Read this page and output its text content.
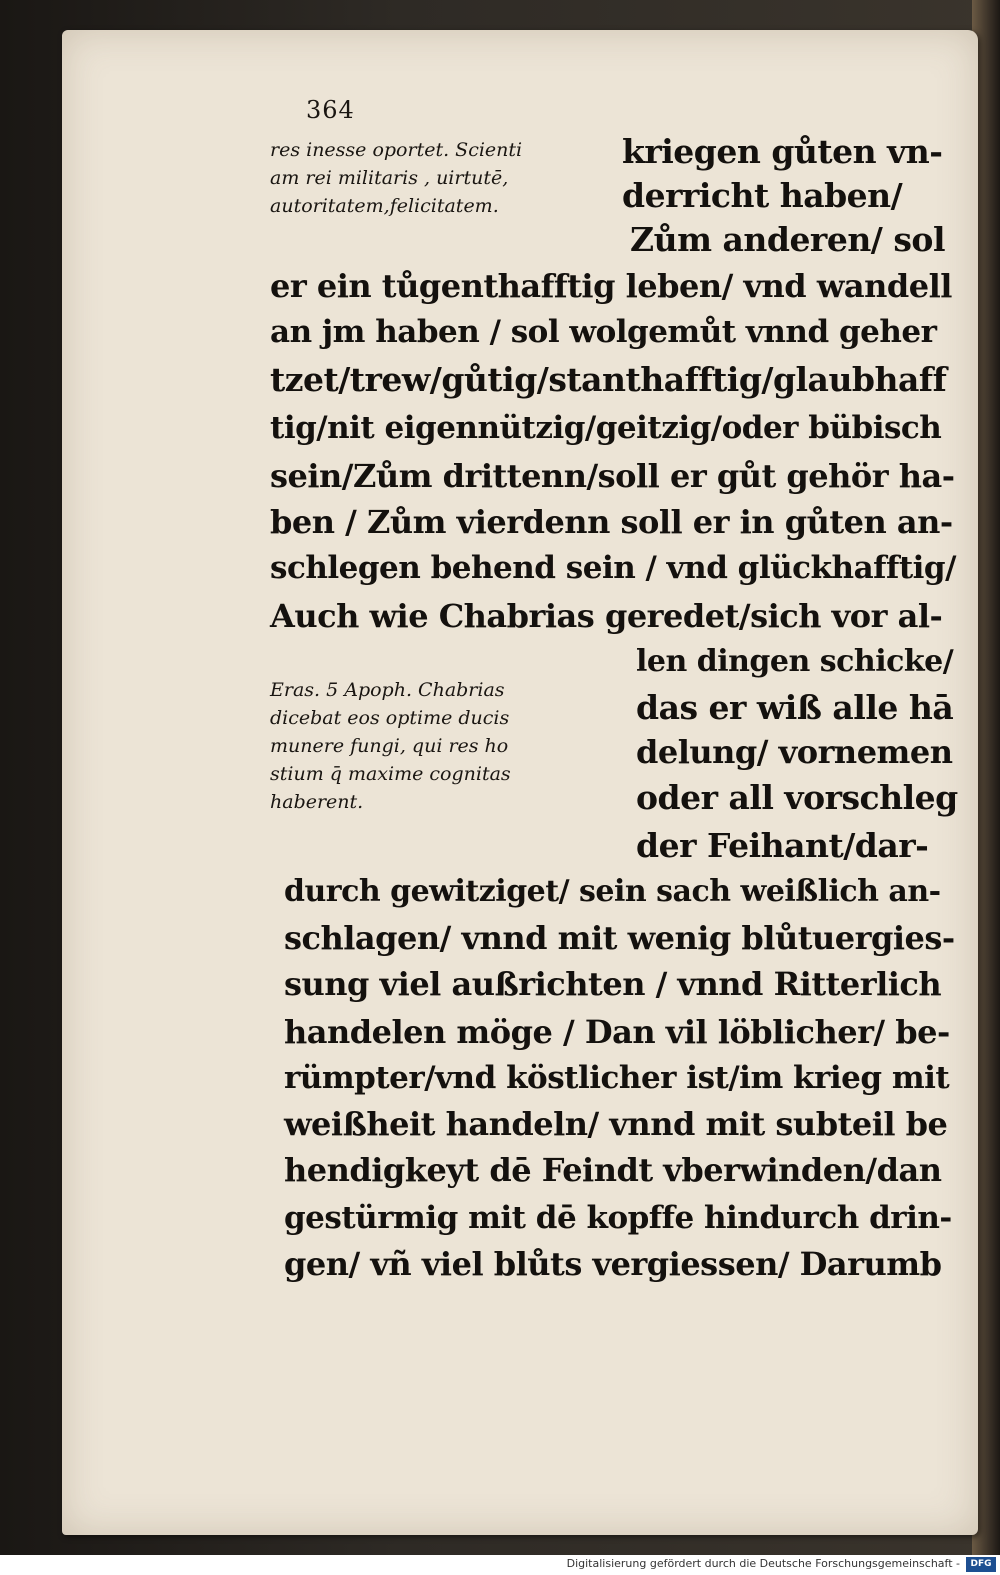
364
res inesse oportet. Scienti
am rei militaris , uirtutē,
autoritatem,felicitatem.
Eras. 5 Apoph. Chabrias
dicebat eos optime ducis
munere fungi, qui res ho
stium q̄ maxime cognitas
haberent.
kriegen gůten vn-
derricht haben/
Zům anderen/ sol
er ein tůgenthafftig leben/ vnd wandell
an jm haben / sol wolgemůt vnnd geher
tzet/trew/gůtig/stanthafftig/glaubhaff
tig/nit eigennützig/geitzig/oder bübisch
sein/Zům drittenn/soll er gůt gehör ha-
ben / Zům vierdenn soll er in gůten an-
schlegen behend sein / vnd glückhafftig/
Auch wie Chabrias geredet/sich vor al-
len dingen schicke/
das er wiß alle hā
delung/ vornemen
oder all vorschleg
der Feihant/dar-
durch gewitziget/ sein sach weißlich an-
schlagen/ vnnd mit wenig blůtuergies-
sung viel außrichten / vnnd Ritterlich
handelen möge / Dan vil löblicher/ be-
rümpter/vnd köstlicher ist/im krieg mit
weißheit handeln/ vnnd mit subteil be
hendigkeyt dē Feindt vberwinden/dan
gestürmig mit dē kopffe hindurch drin-
gen/ vñ viel blůts vergiessen/ Darumb
Digitalisierung gefördert durch die Deutsche Forschungsgemeinschaft -	DFG
